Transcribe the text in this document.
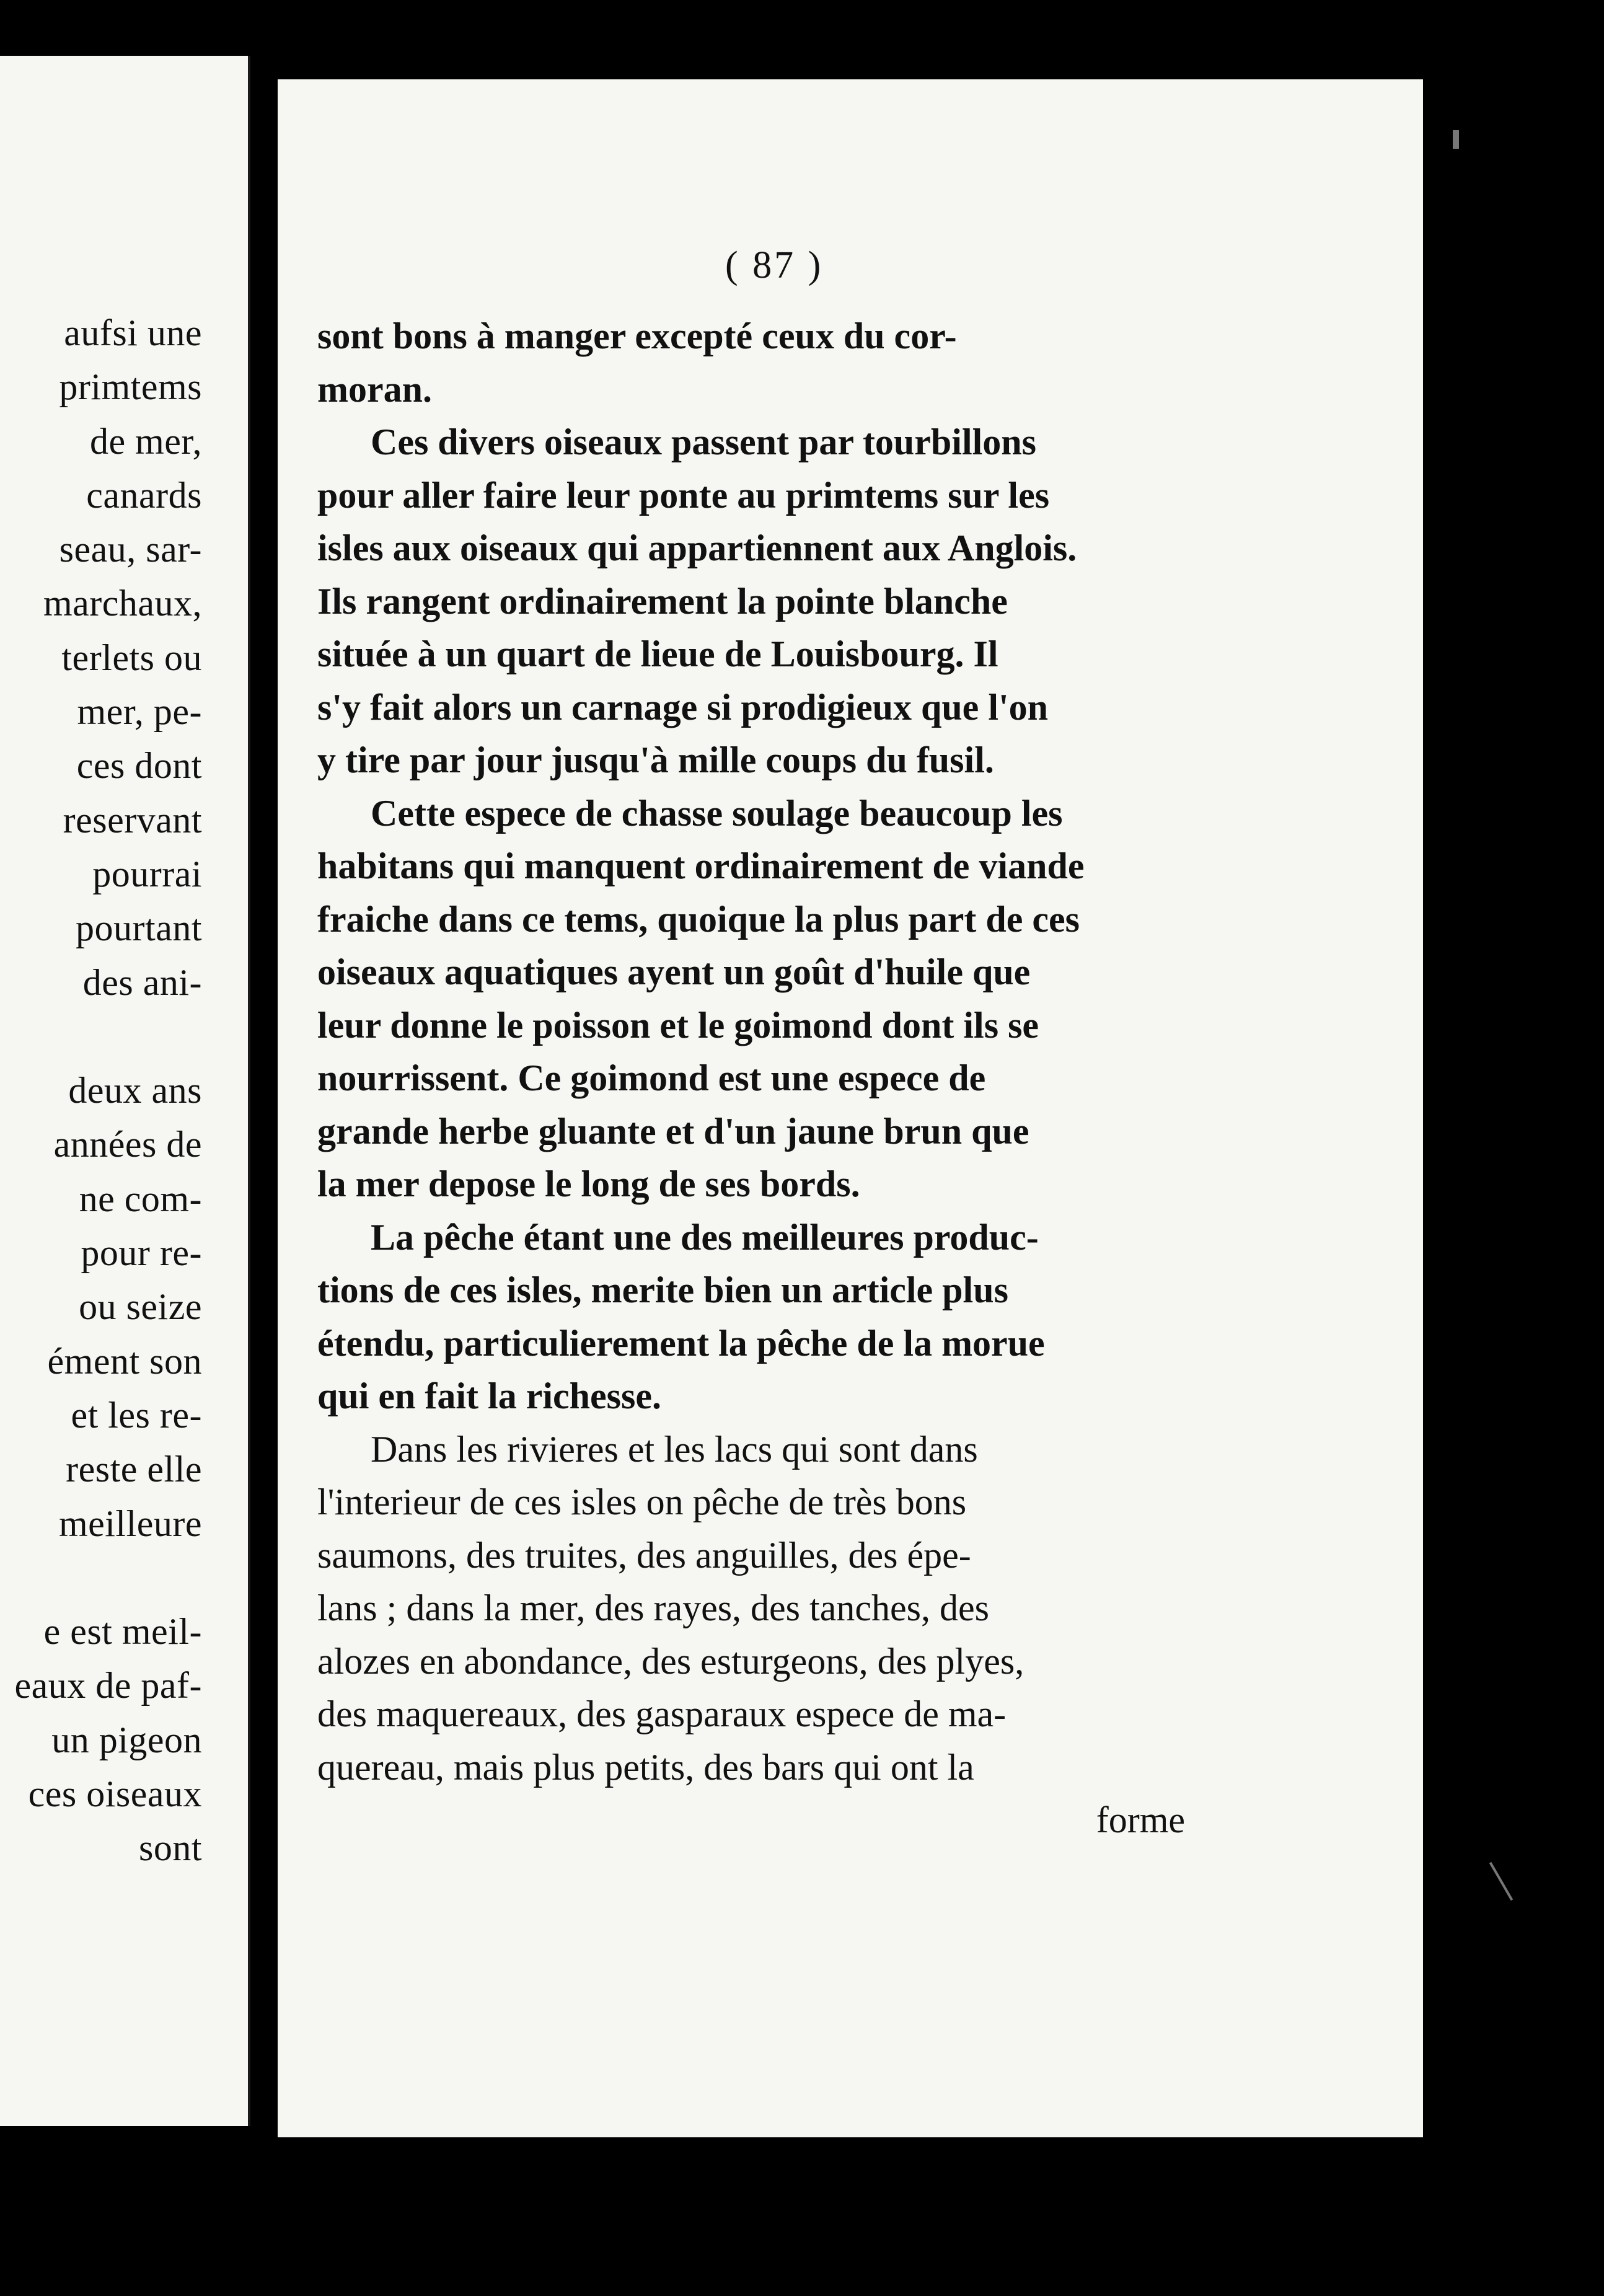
aufsi une
primtems
de mer,
canards
seau, sar-
marchaux,
terlets ou
mer, pe-
ces dont
reservant
pourrai
pourtant
des ani-
deux ans
années de
ne com-
pour re-
ou seize
ément son
et les re-
reste elle
meilleure
e est meil-
eaux de paf-
un pigeon
ces oiseaux
sont
( 87 )
sont bons à manger excepté ceux du cor-
moran.
Ces divers oiseaux passent par tourbillons
pour aller faire leur ponte au primtems sur les
isles aux oiseaux qui appartiennent aux Anglois.
Ils rangent ordinairement la pointe blanche
située à un quart de lieue de Louisbourg. Il
s'y fait alors un carnage si prodigieux que l'on
y tire par jour jusqu'à mille coups du fusil.
Cette espece de chasse soulage beaucoup les
habitans qui manquent ordinairement de viande
fraiche dans ce tems, quoique la plus part de ces
oiseaux aquatiques ayent un goût d'huile que
leur donne le poisson et le goimond dont ils se
nourrissent. Ce goimond est une espece de
grande herbe gluante et d'un jaune brun que
la mer depose le long de ses bords.
La pêche étant une des meilleures produc-
tions de ces isles, merite bien un article plus
étendu, particulierement la pêche de la morue
qui en fait la richesse.
Dans les rivieres et les lacs qui sont dans
l'interieur de ces isles on pêche de très bons
saumons, des truites, des anguilles, des épe-
lans ; dans la mer, des rayes, des tanches, des
alozes en abondance, des esturgeons, des plyes,
des maquereaux, des gasparaux espece de ma-
quereau, mais plus petits, des bars qui ont la
forme
